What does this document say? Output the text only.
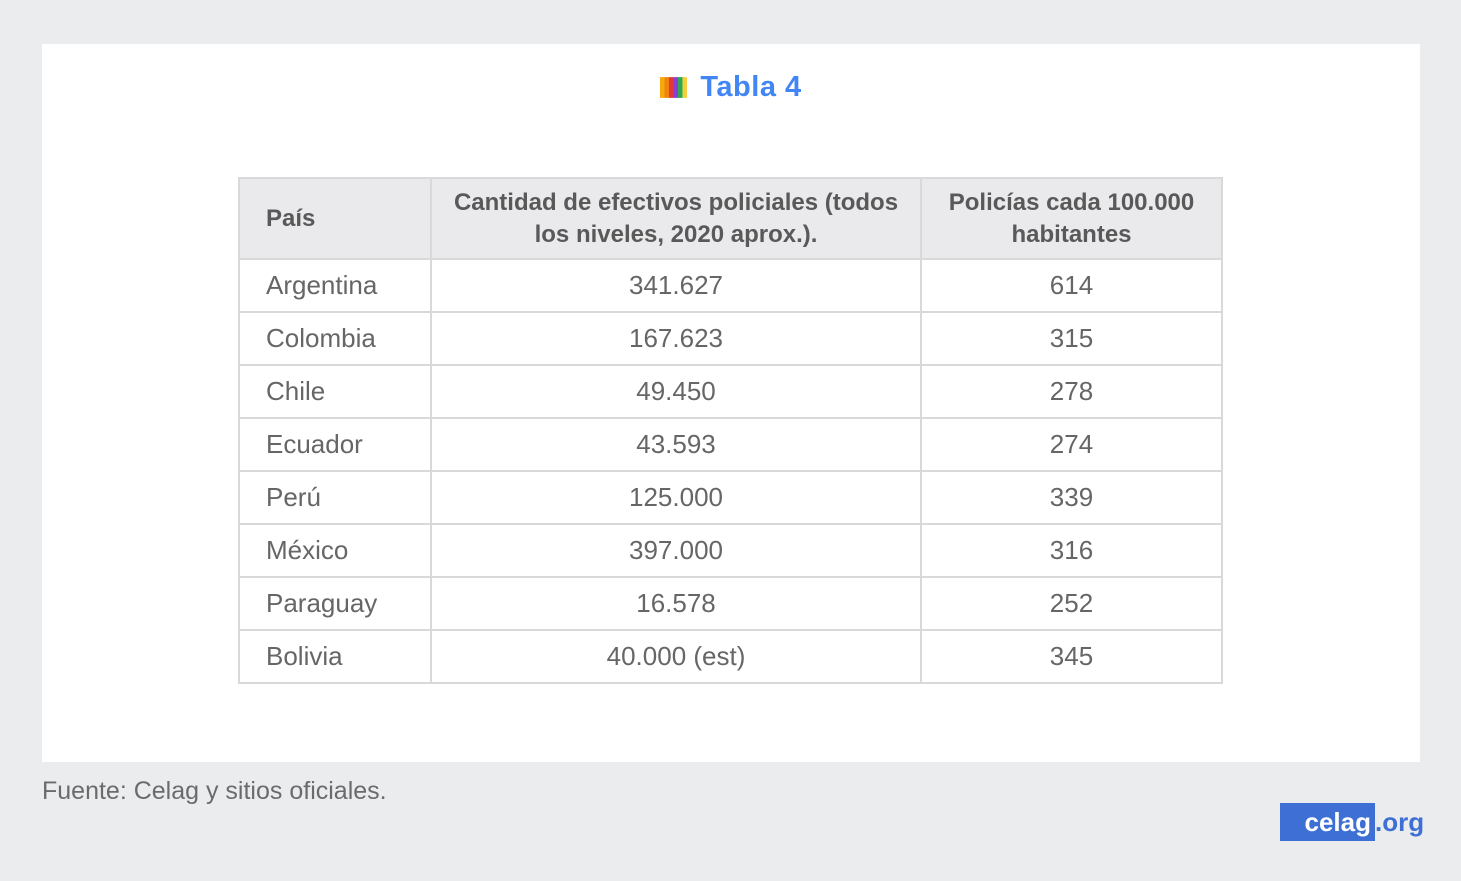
Tabla 4
País	Cantidad de efectivos policiales (todos los niveles, 2020 aprox.).	Policías cada 100.000 habitantes
Argentina	341.627	614
Colombia	167.623	315
Chile	49.450	278
Ecuador	43.593	274
Perú	125.000	339
México	397.000	316
Paraguay	16.578	252
Bolivia	40.000 (est)	345
Fuente: Celag y sitios oficiales.
celag .org
